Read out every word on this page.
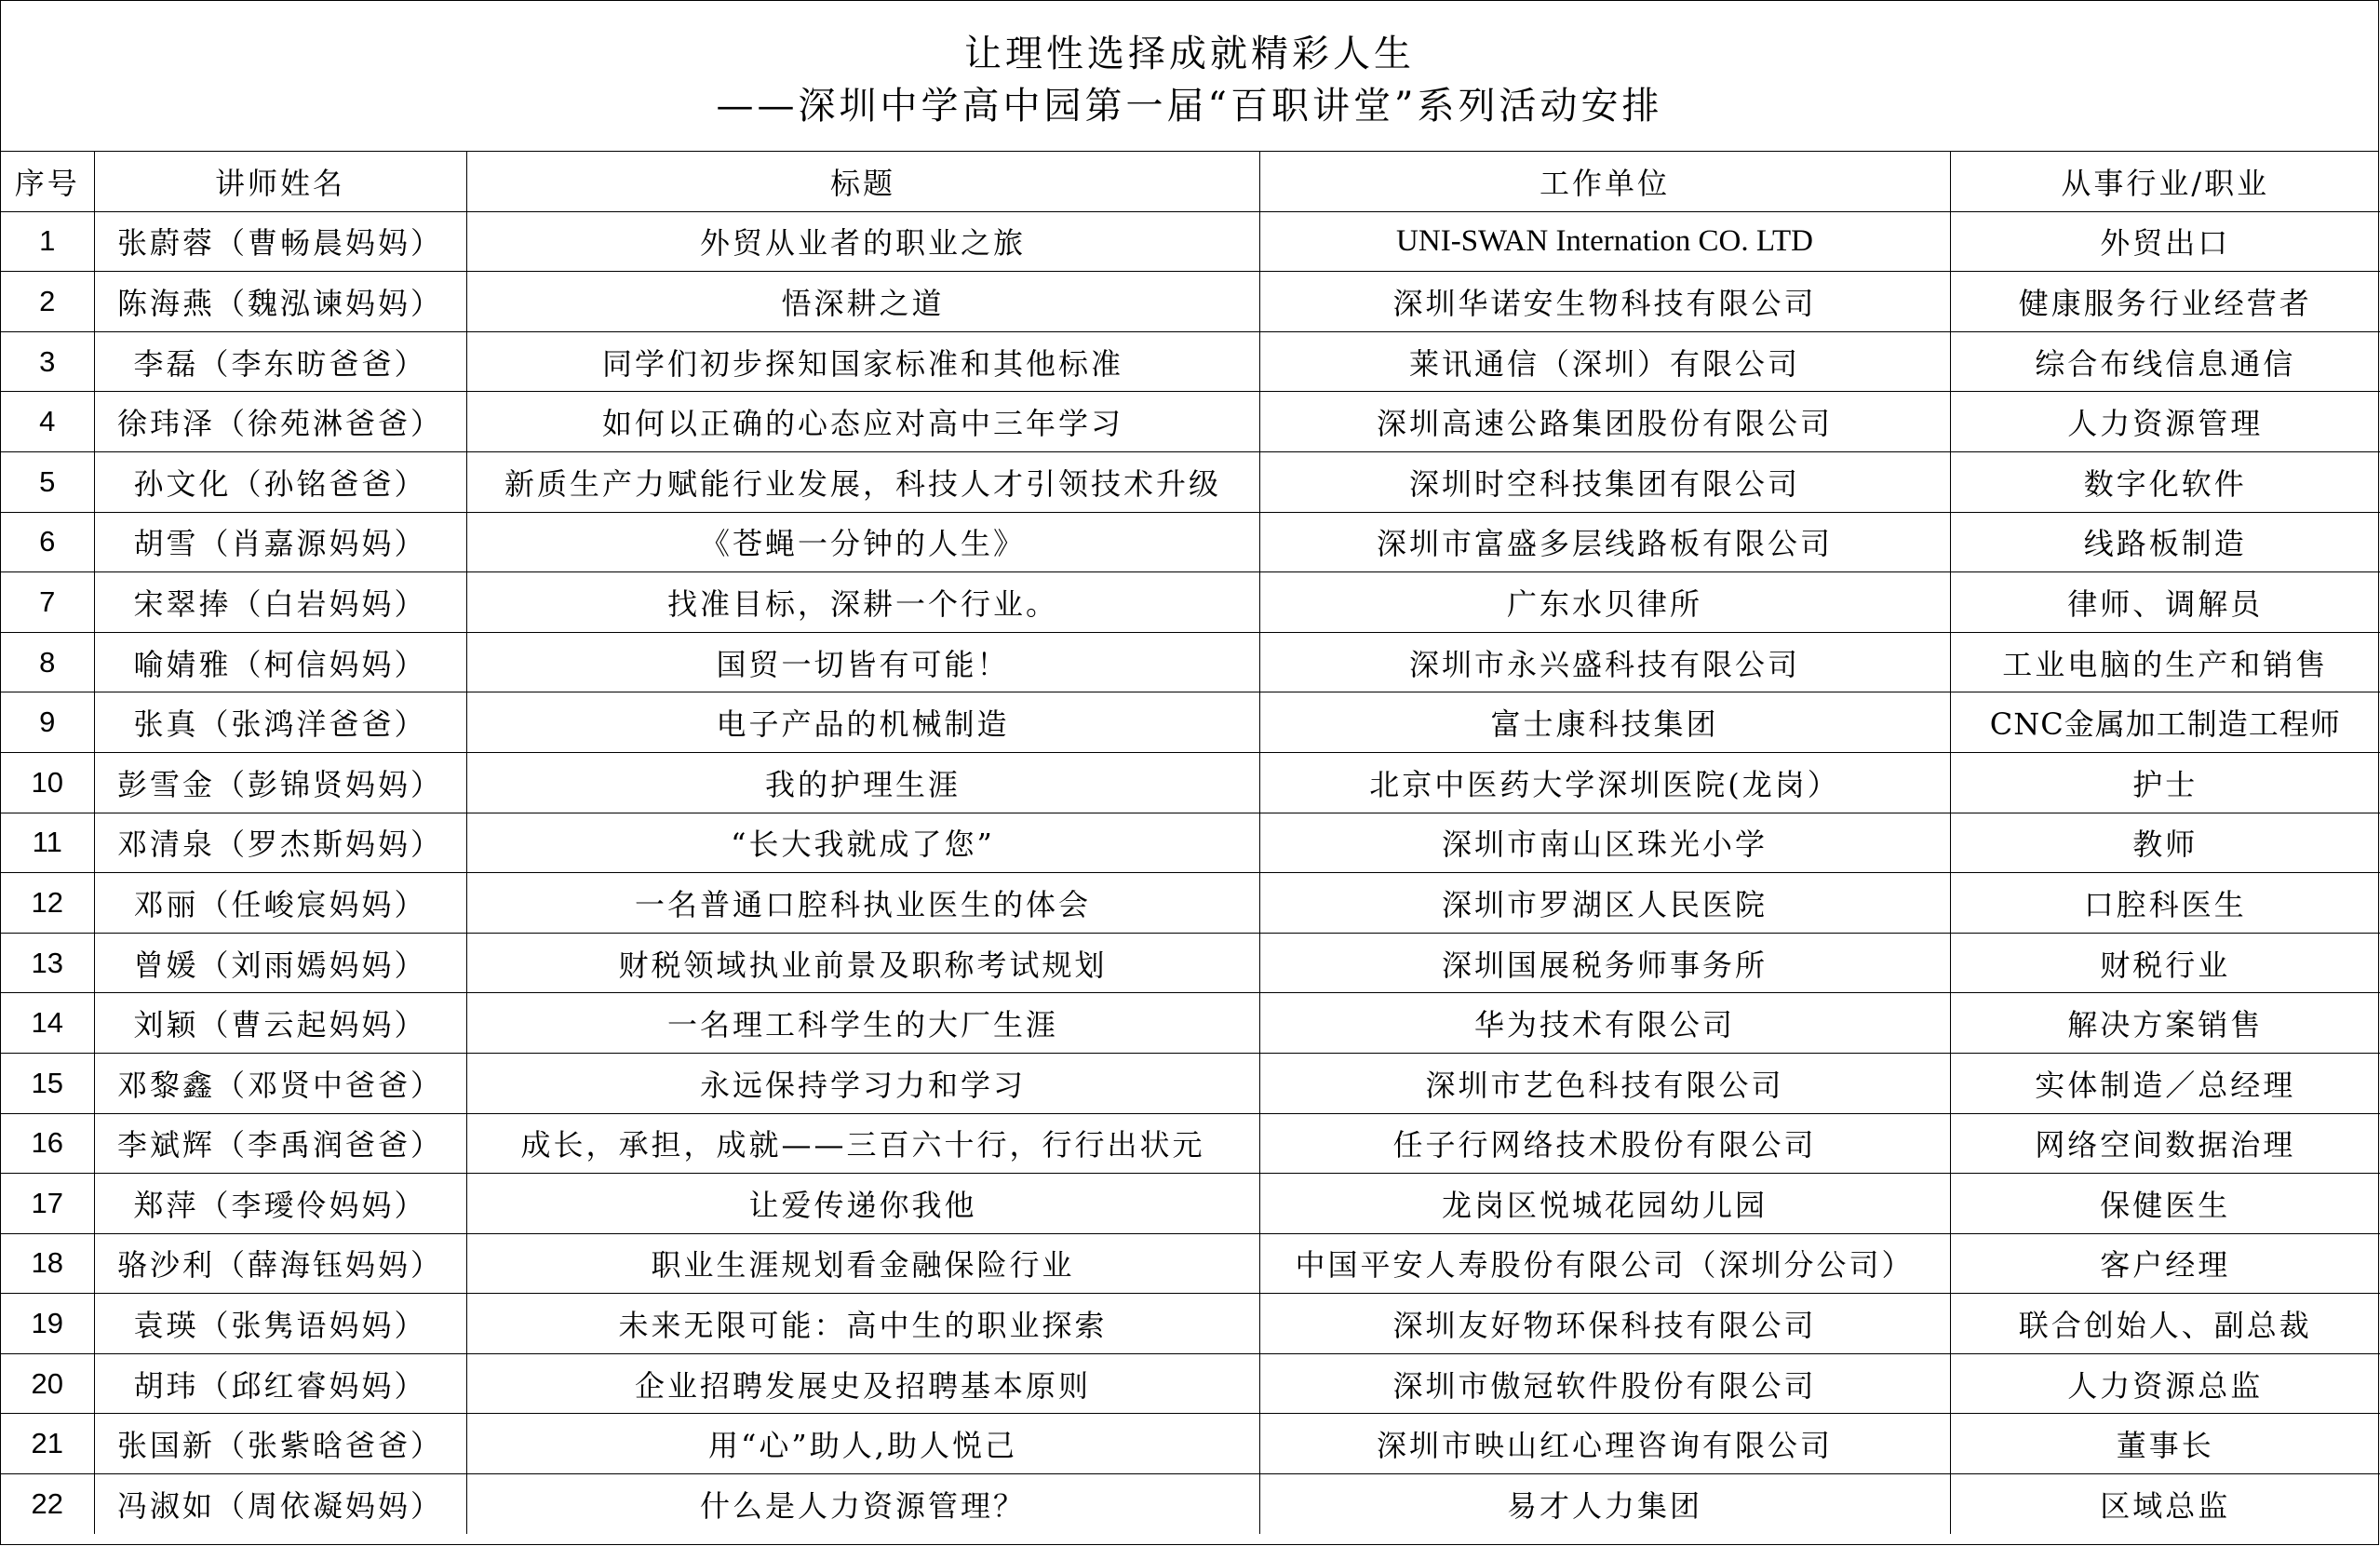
让理性选择成就精彩人生
——深圳中学高中园第一届“百职讲堂”系列活动安排
序号	讲师姓名	标题	工作单位	从事行业/职业
1	张蔚蓉（曹畅晨妈妈）	外贸从业者的职业之旅	UNI-SWAN Internation CO. LTD	外贸出口
2	陈海燕（魏泓谏妈妈）	悟深耕之道	深圳华诺安生物科技有限公司	健康服务行业经营者
3	李磊（李东昉爸爸）	同学们初步探知国家标准和其他标准	莱讯通信（深圳）有限公司	综合布线信息通信
4	徐玮泽（徐苑淋爸爸）	如何以正确的心态应对高中三年学习	深圳高速公路集团股份有限公司	人力资源管理
5	孙文化（孙铭爸爸）	新质生产力赋能行业发展，科技人才引领技术升级	深圳时空科技集团有限公司	数字化软件
6	胡雪（肖嘉源妈妈）	《苍蝇一分钟的人生》	深圳市富盛多层线路板有限公司	线路板制造
7	宋翠捧（白岩妈妈）	找准目标，深耕一个行业。	广东水贝律所	律师、调解员
8	喻婧雅（柯信妈妈）	国贸一切皆有可能！	深圳市永兴盛科技有限公司	工业电脑的生产和销售
9	张真（张鸿洋爸爸）	电子产品的机械制造	富士康科技集团	CNC金属加工制造工程师
10	彭雪金（彭锦贤妈妈）	我的护理生涯	北京中医药大学深圳医院(龙岗）	护士
11	邓清泉（罗杰斯妈妈）	“长大我就成了您”	深圳市南山区珠光小学	教师
12	邓丽（任峻宸妈妈）	一名普通口腔科执业医生的体会	深圳市罗湖区人民医院	口腔科医生
13	曾媛（刘雨嫣妈妈）	财税领域执业前景及职称考试规划	深圳国展税务师事务所	财税行业
14	刘颖（曹云起妈妈）	一名理工科学生的大厂生涯	华为技术有限公司	解决方案销售
15	邓黎鑫（邓贤中爸爸）	永远保持学习力和学习	深圳市艺色科技有限公司	实体制造／总经理
16	李斌辉（李禹润爸爸）	成长，承担，成就——三百六十行，行行出状元	任子行网络技术股份有限公司	网络空间数据治理
17	郑萍（李璦伶妈妈）	让爱传递你我他	龙岗区悦城花园幼儿园	保健医生
18	骆沙利（薛海钰妈妈）	职业生涯规划看金融保险行业	中国平安人寿股份有限公司（深圳分公司）	客户经理
19	袁瑛（张隽语妈妈）	未来无限可能：高中生的职业探索	深圳友好物环保科技有限公司	联合创始人、副总裁
20	胡玮（邱红睿妈妈）	企业招聘发展史及招聘基本原则	深圳市傲冠软件股份有限公司	人力资源总监
21	张国新（张紫晗爸爸）	用“心”助人,助人悦己	深圳市映山红心理咨询有限公司	董事长
22	冯淑如（周依凝妈妈）	什么是人力资源管理？	易才人力集团	区域总监
